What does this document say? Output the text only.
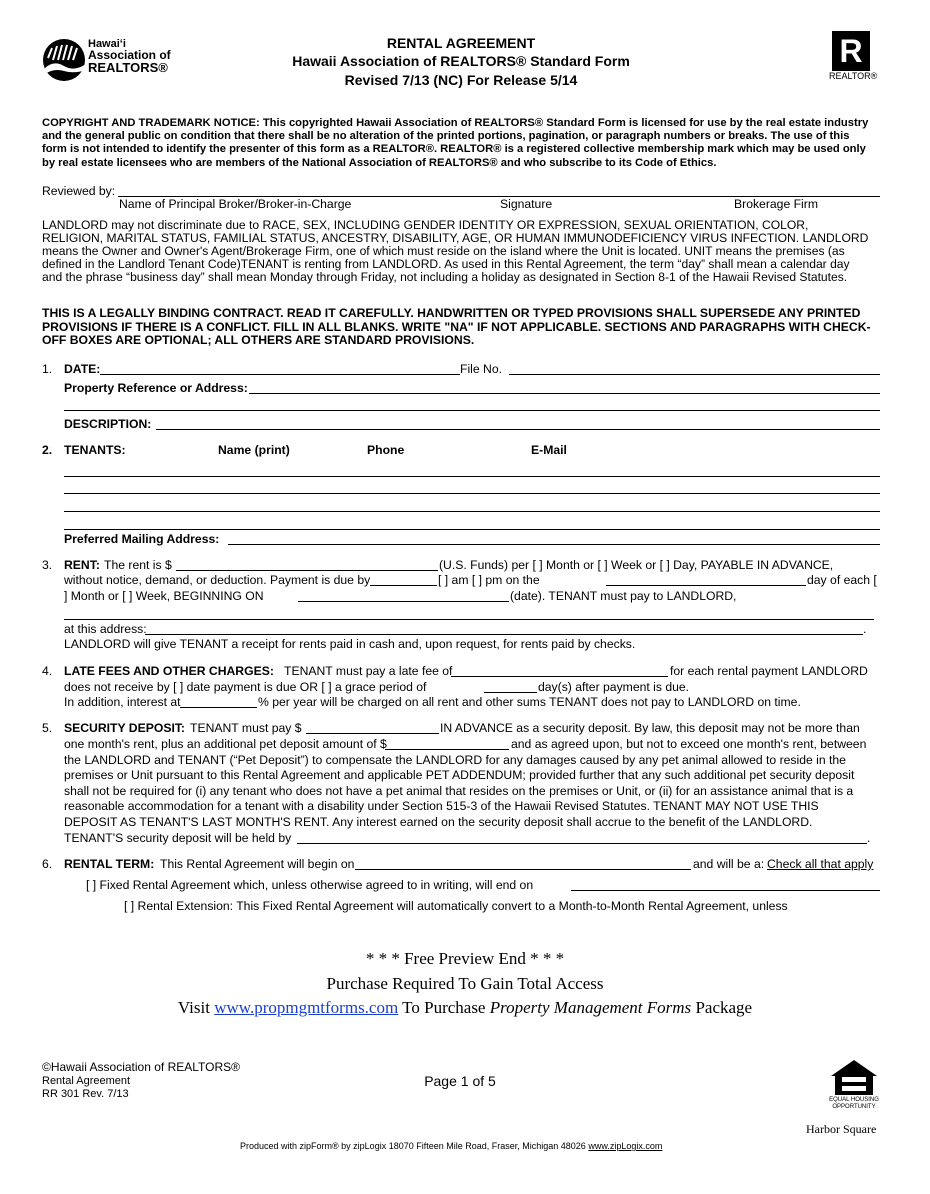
Hawaiʻi
Association of
REALTORS®
RENTAL AGREEMENT
Hawaii Association of REALTORS® Standard Form
Revised 7/13 (NC) For Release 5/14
R
REALTOR®
COPYRIGHT AND TRADEMARK NOTICE: This copyrighted Hawaii Association of REALTORS® Standard Form is licensed for use by the real estate industry and the general public on condition that there shall be no alteration of the printed portions, pagination, or paragraph numbers or breaks. The use of this form is not intended to identify the presenter of this form as a REALTOR®. REALTOR® is a registered collective membership mark which may be used only by real estate licensees who are members of the National Association of REALTORS® and who subscribe to its Code of Ethics.
Reviewed by:
Name of Principal Broker/Broker-in-Charge	Signature	Brokerage Firm
LANDLORD may not discriminate due to RACE, SEX, INCLUDING GENDER IDENTITY OR EXPRESSION, SEXUAL ORIENTATION, COLOR, RELIGION, MARITAL STATUS, FAMILIAL STATUS, ANCESTRY, DISABILITY, AGE, OR HUMAN IMMUNODEFICIENCY VIRUS INFECTION. LANDLORD means the Owner and Owner's Agent/Brokerage Firm, one of which must reside on the island where the Unit is located. UNIT means the premises (as defined in the Landlord Tenant Code)TENANT is renting from LANDLORD. As used in this Rental Agreement, the term “day” shall mean a calendar day and the phrase “business day” shall mean Monday through Friday, not including a holiday as designated in Section 8-1 of the Hawaii Revised Statutes.
THIS IS A LEGALLY BINDING CONTRACT. READ IT CAREFULLY. HANDWRITTEN OR TYPED PROVISIONS SHALL SUPERSEDE ANY PRINTED PROVISIONS IF THERE IS A CONFLICT. FILL IN ALL BLANKS. WRITE "NA" IF NOT APPLICABLE. SECTIONS AND PARAGRAPHS WITH CHECK-OFF BOXES ARE OPTIONAL; ALL OTHERS ARE STANDARD PROVISIONS.
1. DATE:	File No.
Property Reference or Address:
DESCRIPTION:
2. TENANTS:	Name (print)	Phone	E-Mail
Preferred Mailing Address:
3. RENT: The rent is $	(U.S. Funds) per [ ] Month or [ ] Week or [ ] Day, PAYABLE IN ADVANCE,
without notice, demand, or deduction. Payment is due by	[ ] am [ ] pm on the	day of each [
] Month or [ ] Week, BEGINNING ON	(date). TENANT must pay to LANDLORD,
at this address:	.
LANDLORD will give TENANT a receipt for rents paid in cash and, upon request, for rents paid by checks.
4. LATE FEES AND OTHER CHARGES: TENANT must pay a late fee of	for each rental payment LANDLORD
does not receive by [ ] date payment is due OR [ ] a grace period of	day(s) after payment is due.
In addition, interest at	% per year will be charged on all rent and other sums TENANT does not pay to LANDLORD on time.
5. SECURITY DEPOSIT: TENANT must pay $	IN ADVANCE as a security deposit. By law, this deposit may not be more than
one month's rent, plus an additional pet deposit amount of $	and as agreed upon, but not to exceed one month's rent, between
the LANDLORD and TENANT (“Pet Deposit”) to compensate the LANDLORD for any damages caused by any pet animal allowed to reside in the
premises or Unit pursuant to this Rental Agreement and applicable PET ADDENDUM; provided further that any such additional pet security deposit
shall not be required for (i) any tenant who does not have a pet animal that resides on the premises or Unit, or (ii) for an assistance animal that is a
reasonable accommodation for a tenant with a disability under Section 515-3 of the Hawaii Revised Statutes. TENANT MAY NOT USE THIS
DEPOSIT AS TENANT'S LAST MONTH'S RENT. Any interest earned on the security deposit shall accrue to the benefit of the LANDLORD.
TENANT'S security deposit will be held by	.
6. RENTAL TERM: This Rental Agreement will begin on	and will be a: Check all that apply
[ ] Fixed Rental Agreement which, unless otherwise agreed to in writing, will end on
[ ] Rental Extension: This Fixed Rental Agreement will automatically convert to a Month-to-Month Rental Agreement, unless
* * * Free Preview End * * *
Purchase Required To Gain Total Access
Visit www.propmgmtforms.com To Purchase Property Management Forms Package
©Hawaii Association of REALTORS®
Rental Agreement
RR 301 Rev. 7/13
Page 1 of 5
EQUAL HOUSING
OPPORTUNITY
Harbor Square
Produced with zipForm® by zipLogix 18070 Fifteen Mile Road, Fraser, Michigan 48026 www.zipLogix.com
